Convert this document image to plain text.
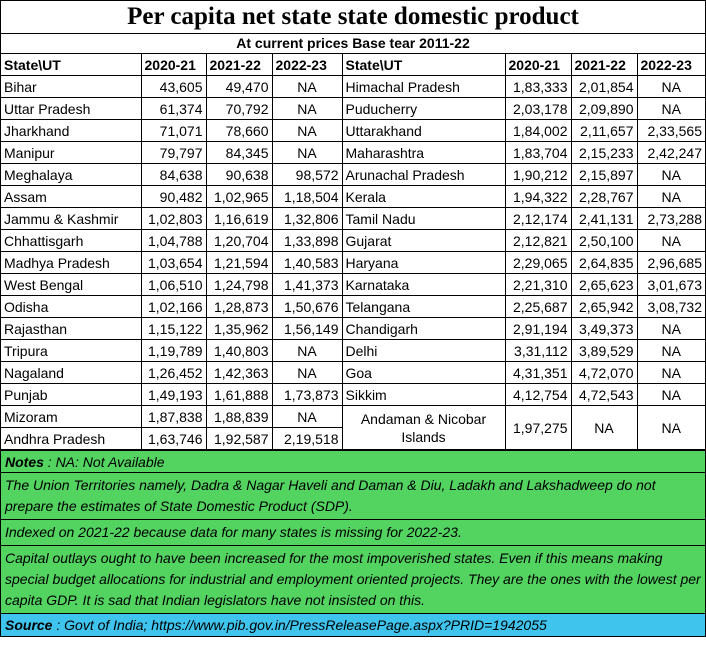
Per capita net state state domestic product
At current prices Base tear 2011-22
State\UT	2020-21	2021-22	2022-23	State\UT	2020-21	2021-22	2022-23
Bihar	43,605	49,470	NA	Himachal Pradesh	1,83,333	2,01,854	NA
Uttar Pradesh	61,374	70,792	NA	Puducherry	2,03,178	2,09,890	NA
Jharkhand	71,071	78,660	NA	Uttarakhand	1,84,002	2,11,657	2,33,565
Manipur	79,797	84,345	NA	Maharashtra	1,83,704	2,15,233	2,42,247
Meghalaya	84,638	90,638	98,572	Arunachal Pradesh	1,90,212	2,15,897	NA
Assam	90,482	1,02,965	1,18,504	Kerala	1,94,322	2,28,767	NA
Jammu & Kashmir	1,02,803	1,16,619	1,32,806	Tamil Nadu	2,12,174	2,41,131	2,73,288
Chhattisgarh	1,04,788	1,20,704	1,33,898	Gujarat	2,12,821	2,50,100	NA
Madhya Pradesh	1,03,654	1,21,594	1,40,583	Haryana	2,29,065	2,64,835	2,96,685
West Bengal	1,06,510	1,24,798	1,41,373	Karnataka	2,21,310	2,65,623	3,01,673
Odisha	1,02,166	1,28,873	1,50,676	Telangana	2,25,687	2,65,942	3,08,732
Rajasthan	1,15,122	1,35,962	1,56,149	Chandigarh	2,91,194	3,49,373	NA
Tripura	1,19,789	1,40,803	NA	Delhi	3,31,112	3,89,529	NA
Nagaland	1,26,452	1,42,363	NA	Goa	4,31,351	4,72,070	NA
Punjab	1,49,193	1,61,888	1,73,873	Sikkim	4,12,754	4,72,543	NA
Mizoram	1,87,838	1,88,839	NA	Andaman & Nicobar Islands	1,97,275	NA	NA
Andhra Pradesh	1,63,746	1,92,587	2,19,518				
Notes : NA: Not Available
The Union Territories namely, Dadra & Nagar Haveli and Daman & Diu, Ladakh and Lakshadweep do not prepare the estimates of State Domestic Product (SDP).
Indexed on 2021-22 because data for many states is missing for 2022-23.
Capital outlays ought to have been increased for the most impoverished states. Even if this means making special budget allocations for industrial and employment oriented projects. They are the ones with the lowest per capita GDP. It is sad that Indian legislators have not insisted on this.
Source : Govt of India; https://www.pib.gov.in/PressReleasePage.aspx?PRID=1942055
